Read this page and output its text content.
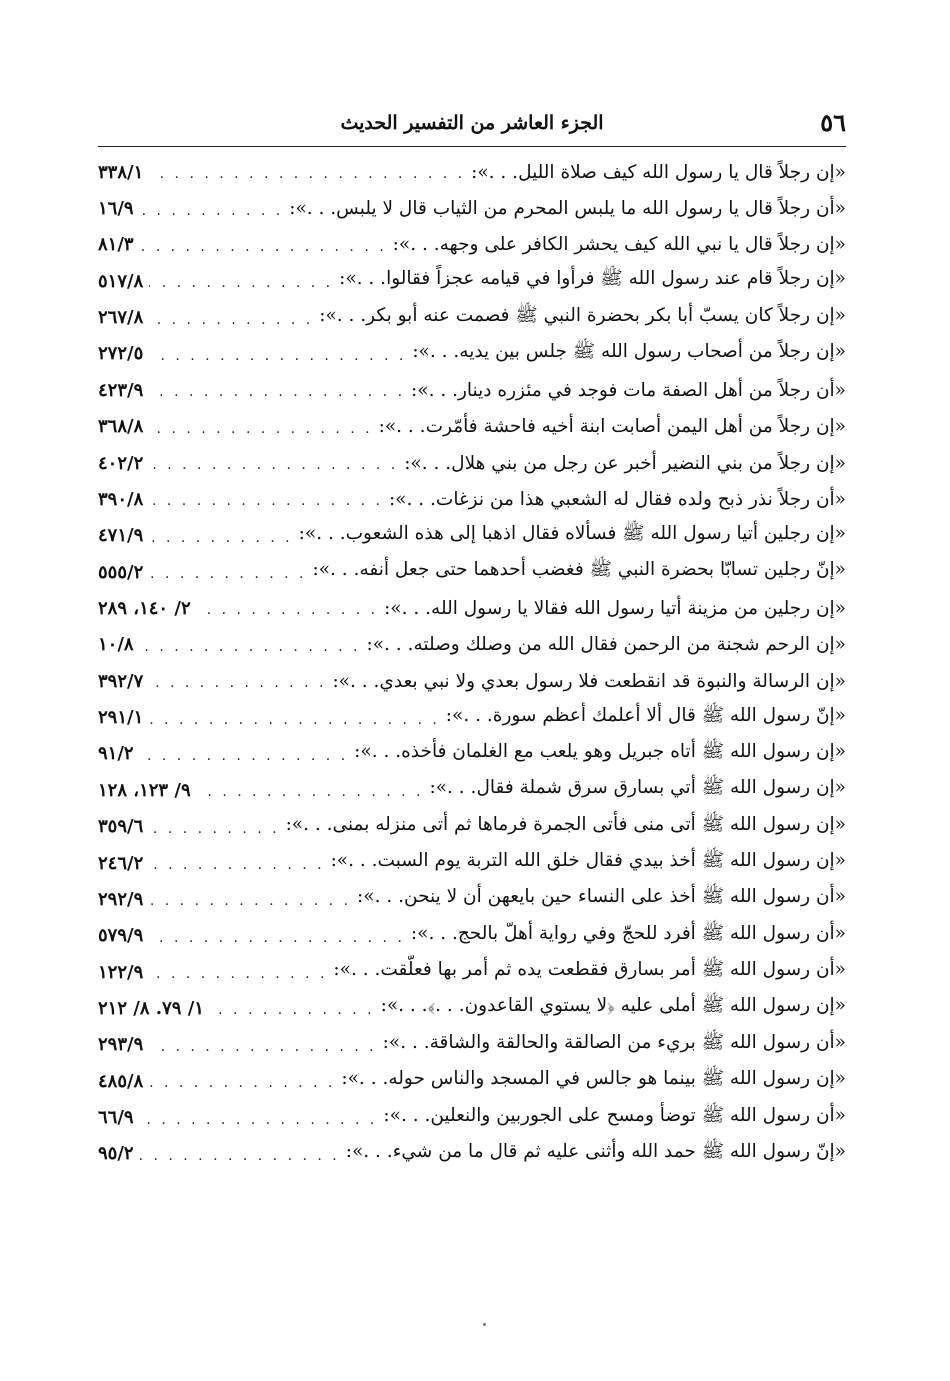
٥٦
الجزء العاشر من التفسير الحديث
«إن رجلاً قال يا رسول الله كيف صلاة الليل. . .»:
. . .
٣٣٨/١
«أن رجلاً قال يا رسول الله ما يلبس المحرم من الثياب قال لا يلبس. . .»:
. . .
١٦/٩
«إن رجلاً قال يا نبي الله كيف يحشر الكافر على وجهه. . .»:
. . .
٨١/٣
«إن رجلاً قام عند رسول الله ﷺ فرأوا في قيامه عجزاً فقالوا. . .»:
. . .
٥١٧/٨
«إن رجلاً كان يسبّ أبا بكر بحضرة النبي ﷺ فصمت عنه أبو بكر. . .»:
. . .
٢٦٧/٨
«إن رجلاً من أصحاب رسول الله ﷺ جلس بين يديه. . .»:
. . .
٢٧٢/٥
«أن رجلاً من أهل الصفة مات فوجد في مئزره دينار. . .»:
. . .
٤٢٣/٩
«إن رجلاً من أهل اليمن أصابت ابنة أخيه فاحشة فأمّرت. . .»:
. . .
٣٦٨/٨
«إن رجلاً من بني النضير أخبر عن رجل من بني هلال. . .»:
. . .
٤٠٢/٢
«أن رجلاً نذر ذبح ولده فقال له الشعبي هذا من نزغات. . .»:
. . .
٣٩٠/٨
«إن رجلين أتيا رسول الله ﷺ فسألاه فقال اذهبا إلى هذه الشعوب. . .»:
. . .
٤٧١/٩
«إنّ رجلين تسابّا بحضرة النبي ﷺ فغضب أحدهما حتى جعل أنفه. . .»:
. . .
٥٥٥/٢
«إن رجلين من مزينة أتيا رسول الله فقالا يا رسول الله. . .»:
. . .
٢/ ١٤٠، ٢٨٩
«إن الرحم شجنة من الرحمن فقال الله من وصلك وصلته. . .»:
. . .
١٠/٨
«إن الرسالة والنبوة قد انقطعت فلا رسول بعدي ولا نبي بعدي. . .»:
. . .
٣٩٢/٧
«إنّ رسول الله ﷺ قال ألا أعلمك أعظم سورة. . .»:
. . .
٢٩١/١
«إن رسول الله ﷺ أتاه جبريل وهو يلعب مع الغلمان فأخذه. . .»:
. . .
٩١/٢
«إن رسول الله ﷺ أتي بسارق سرق شملة فقال. . .»:
. . .
٩/ ١٢٣، ١٢٨
«إن رسول الله ﷺ أتى منى فأتى الجمرة فرماها ثم أتى منزله بمنى. . .»:
. . .
٣٥٩/٦
«إن رسول الله ﷺ أخذ بيدي فقال خلق الله التربة يوم السبت. . .»:
. . .
٢٤٦/٢
«أن رسول الله ﷺ أخذ على النساء حين بايعهن أن لا ينحن. . .»:
. . .
٢٩٢/٩
«أن رسول الله ﷺ أفرد للحجّ وفي رواية أهلّ بالحج. . .»:
. . .
٥٧٩/٩
«أن رسول الله ﷺ أمر بسارق فقطعت يده ثم أمر بها فعلّقت. . .»:
. . .
١٢٢/٩
«إن رسول الله ﷺ أملى عليه ﴿لا يستوي القاعدون. . .﴾. . .»:
. . .
١/ ٧٩. ٨/ ٢١٢
«أن رسول الله ﷺ بريء من الصالقة والحالقة والشاقة. . .»:
. . .
٢٩٣/٩
«إن رسول الله ﷺ بينما هو جالس في المسجد والناس حوله. . .»:
. . .
٤٨٥/٨
«أن رسول الله ﷺ توضأ ومسح على الجوربين والنعلين. . .»:
. . .
٦٦/٩
«إنّ رسول الله ﷺ حمد الله وأثنى عليه ثم قال ما من شيء. . .»:
. . .
٩٥/٢
